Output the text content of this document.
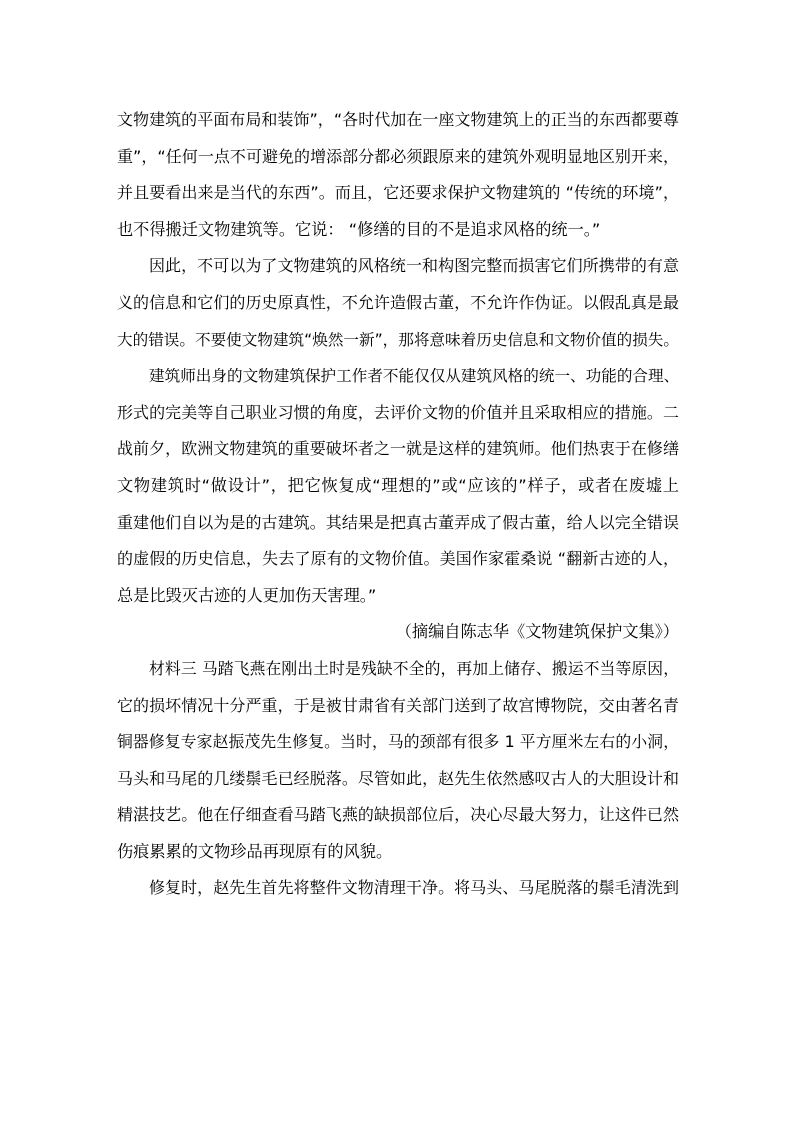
文物建筑的平面布局和装饰”，“各时代加在一座文物建筑上的正当的东西都要尊
重”，“任何一点不可避免的增添部分都必须跟原来的建筑外观明显地区别开来，
并且要看出来是当代的东西”。而且，它还要求保护文物建筑的 “传统的环境”，
也不得搬迁文物建筑等。它说： “修缮的目的不是追求风格的统一。”
因此，不可以为了文物建筑的风格统一和构图完整而损害它们所携带的有意
义的信息和它们的历史原真性，不允许造假古董，不允许作伪证。以假乱真是最
大的错误。不要使文物建筑“焕然一新”，那将意味着历史信息和文物价值的损失。
建筑师出身的文物建筑保护工作者不能仅仅从建筑风格的统一、功能的合理、
形式的完美等自己职业习惯的角度，去评价文物的价值并且采取相应的措施。二
战前夕，欧洲文物建筑的重要破坏者之一就是这样的建筑师。他们热衷于在修缮
文物建筑时“做设计”，把它恢复成“理想的”或“应该的”样子，或者在废墟上
重建他们自以为是的古建筑。其结果是把真古董弄成了假古董，给人以完全错误
的虚假的历史信息，失去了原有的文物价值。美国作家霍桑说 “翻新古迹的人，
总是比毁灭古迹的人更加伤天害理。”
（摘编自陈志华《文物建筑保护文集》）
材料三 马踏飞燕在刚出土时是残缺不全的，再加上储存、搬运不当等原因，
它的损坏情况十分严重，于是被甘肃省有关部门送到了故宫博物院，交由著名青
铜器修复专家赵振茂先生修复。当时，马的颈部有很多 1 平方厘米左右的小洞，
马头和马尾的几缕鬃毛已经脱落。尽管如此，赵先生依然感叹古人的大胆设计和
精湛技艺。他在仔细查看马踏飞燕的缺损部位后，决心尽最大努力，让这件已然
伤痕累累的文物珍品再现原有的风貌。
修复时，赵先生首先将整件文物清理干净。将马头、马尾脱落的鬃毛清洗到
